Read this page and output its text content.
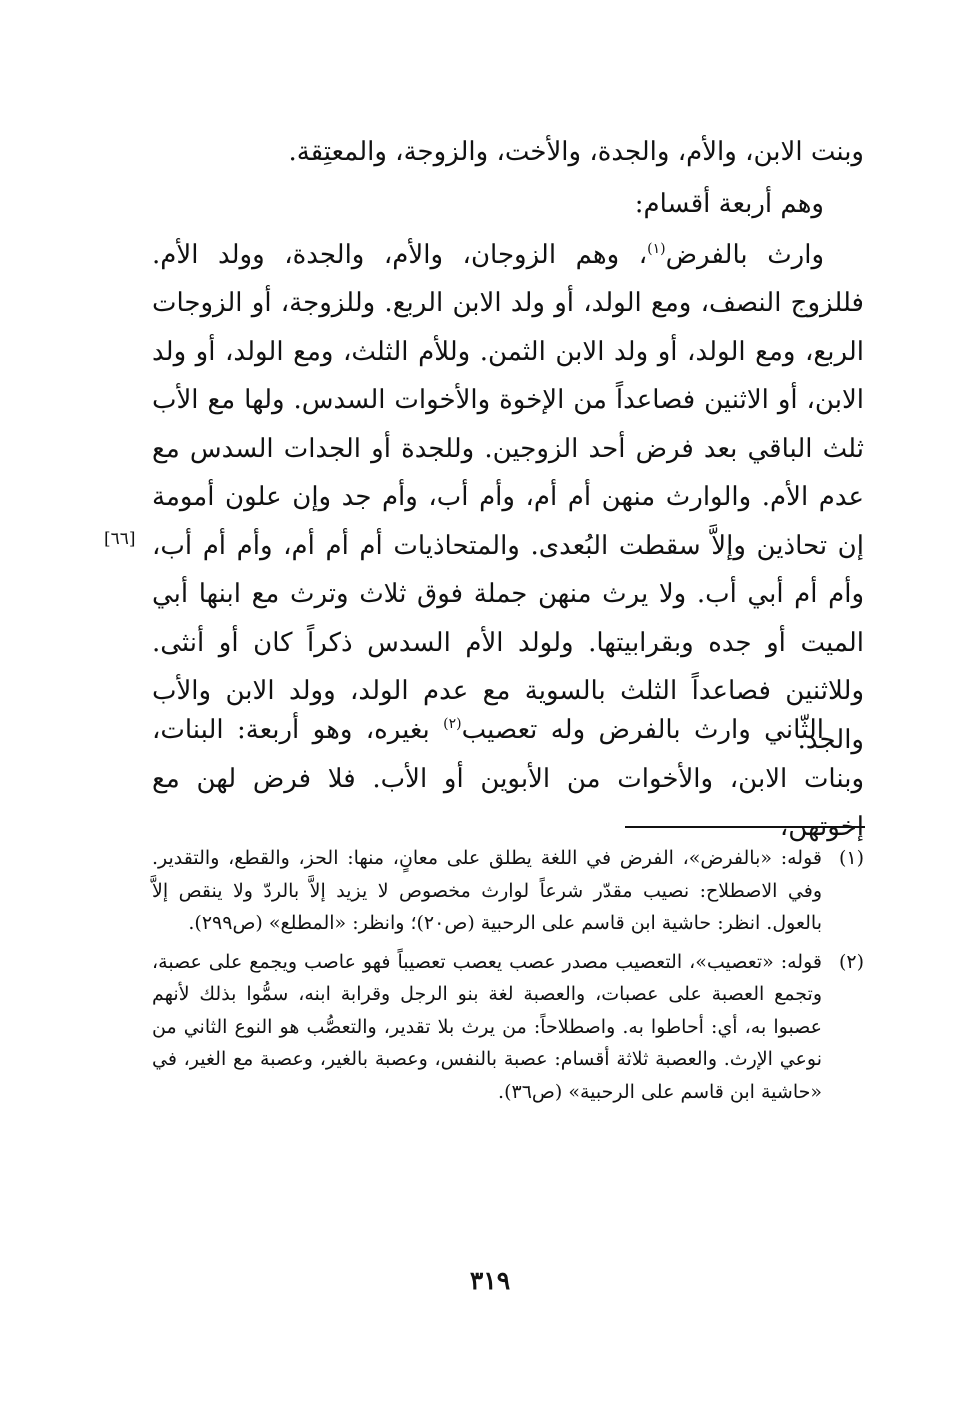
وبنت الابن، والأم، والجدة، والأخت، والزوجة، والمعتِقة.

وهم أربعة أقسام:

وارث بالفرض$^{(١)}$، وهم الزوجان، والأم، والجدة، وولد الأم. فللزوج النصف، ومع الولد، أو ولد الابن الربع. وللزوجة، أو الزوجات الربع، ومع الولد، أو ولد الابن الثمن. وللأم الثلث، ومع الولد، أو ولد الابن، أو الاثنين فصاعداً من الإخوة والأخوات السدس. ولها مع الأب ثلث الباقي بعد فرض أحد الزوجين. وللجدة أو الجدات السدس مع عدم الأم. والوارث منهن أم أم، وأم أب، وأم جد وإن علون أمومة إن تحاذين وإلاَّ سقطت البُعدى. والمتحاذيات أم أم أم، وأم أم أب، وأم أم أبي أب. ولا يرث منهن جملة فوق ثلاث وترث مع ابنها أبي الميت أو جده وبقرابيتها. ولولد الأم السدس ذكراً كان أو أنثى. وللاثنين فصاعداً الثلث بالسوية مع عدم الولد، وولد الابن والأب والجد.

[٦٦]

الثّاني وارث بالفرض وله تعصيب$^{(٢)}$ بغيره، وهو أربعة: البنات، وبنات الابن، والأخوات من الأبوين أو الأب. فلا فرض لهن مع إخوتهن،

(١)
قوله: «بالفرض»، الفرض في اللغة يطلق على معانٍ، منها: الحز، والقطع، والتقدير. وفي الاصطلاح: نصيب مقدّر شرعاً لوارث مخصوص لا يزيد إلاَّ بالردّ ولا ينقص إلاَّ بالعول. انظر: حاشية ابن قاسم على الرحبية (ص٢٠)؛ وانظر: «المطلع» (ص٢٩٩).

(٢)
قوله: «تعصيب»، التعصيب مصدر عصب يعصب تعصيباً فهو عاصب ويجمع على عصبة، وتجمع العصبة على عصبات، والعصبة لغة بنو الرجل وقرابة ابنه، سمُّوا بذلك لأنهم عصبوا به، أي: أحاطوا به. واصطلاحاً: من يرث بلا تقدير، والتعصُّب هو النوع الثاني من نوعي الإرث. والعصبة ثلاثة أقسام: عصبة بالنفس، وعصبة بالغير، وعصبة مع الغير، في «حاشية ابن قاسم على الرحبية» (ص٣٦).

٣١٩
